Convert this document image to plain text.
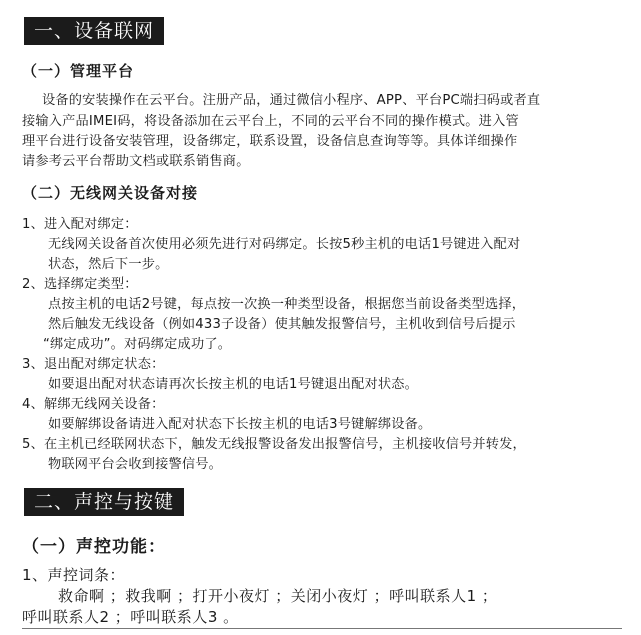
一、设备联网
（一）管理平台
设备的安装操作在云平台。注册产品，通过微信小程序、APP、平台PC端扫码或者直
接输入产品IMEI码，将设备添加在云平台上，不同的云平台不同的操作模式。进入管
理平台进行设备安装管理，设备绑定，联系设置，设备信息查询等等。具体详细操作
请参考云平台帮助文档或联系销售商。
（二）无线网关设备对接
1、进入配对绑定：
无线网关设备首次使用必须先进行对码绑定。长按5秒主机的电话1号键进入配对
状态，然后下一步。
2、选择绑定类型：
点按主机的电话2号键，每点按一次换一种类型设备，根据您当前设备类型选择，
然后触发无线设备（例如433子设备）使其触发报警信号，主机收到信号后提示
“绑定成功”。对码绑定成功了。
3、退出配对绑定状态：
如要退出配对状态请再次长按主机的电话1号键退出配对状态。
4、解绑无线网关设备：
如要解绑设备请进入配对状态下长按主机的电话3号键解绑设备。
5、在主机已经联网状态下，触发无线报警设备发出报警信号，主机接收信号并转发，
物联网平台会收到接警信号。
二、声控与按键
（一）声控功能：
1、声控词条：
救命啊 ；救我啊 ；打开小夜灯 ；关闭小夜灯 ；呼叫联系人1 ；
呼叫联系人2 ；呼叫联系人3 。
